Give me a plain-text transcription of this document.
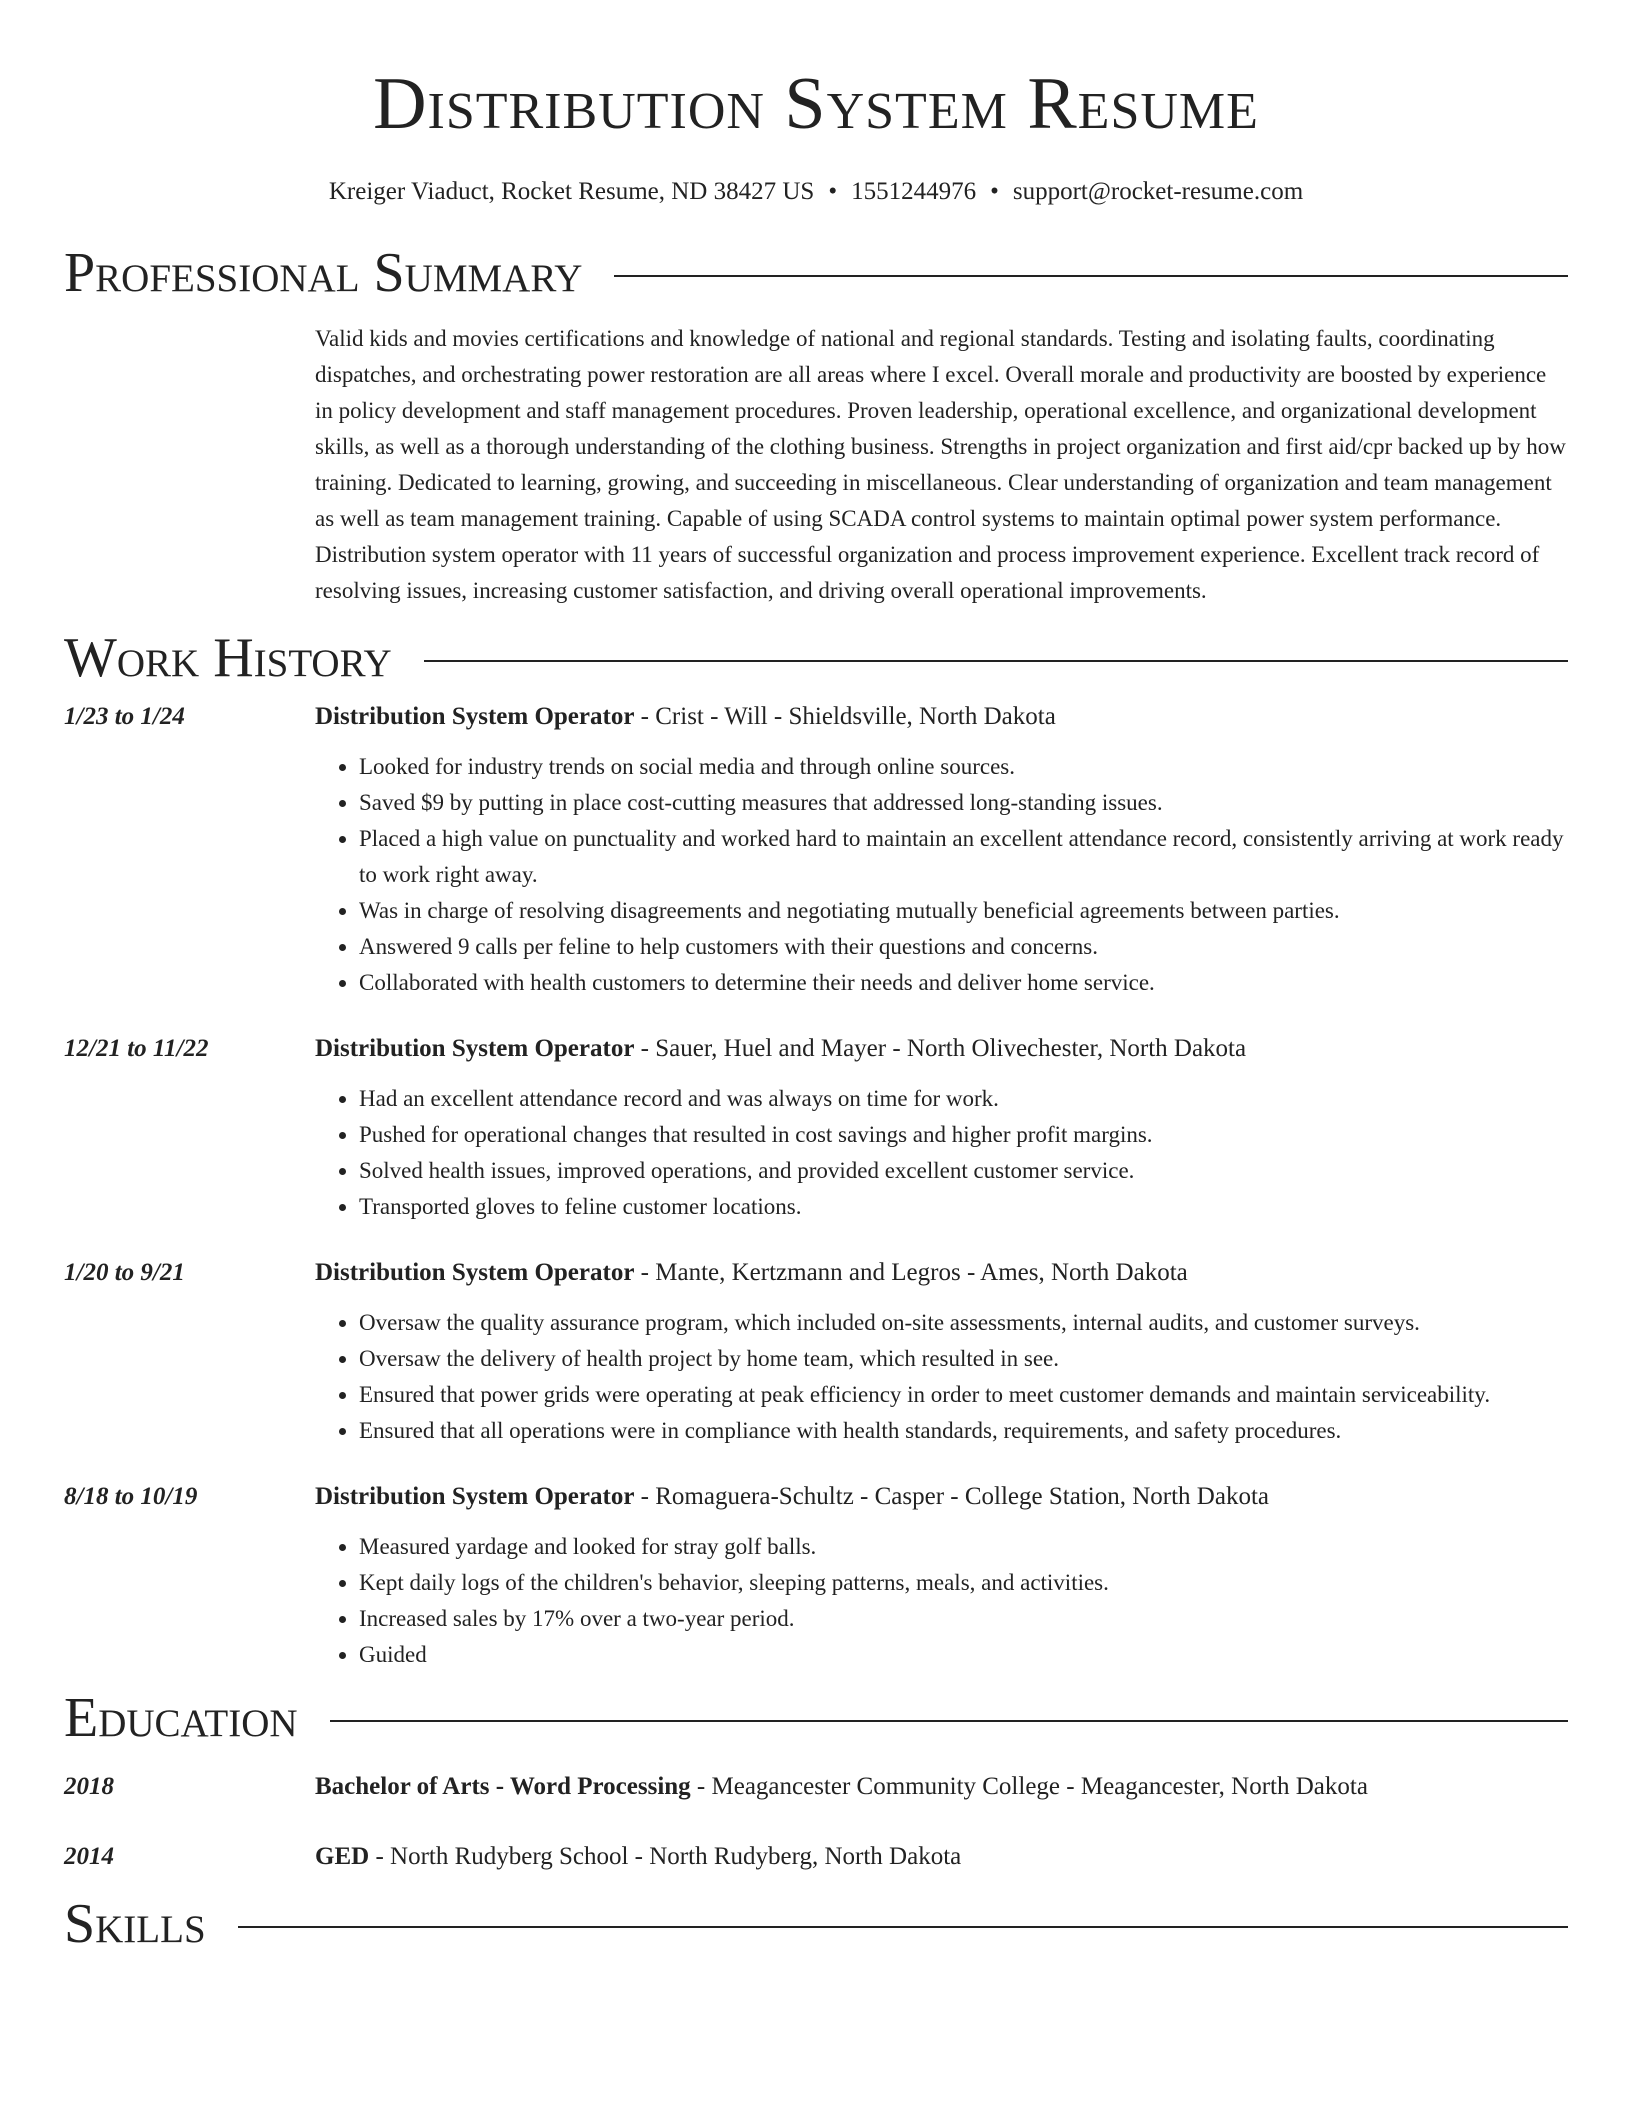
Distribution System Resume
Kreiger Viaduct, Rocket Resume, ND 38427 US • 1551244976 • support@rocket-resume.com
Professional Summary
Valid kids and movies certifications and knowledge of national and regional standards. Testing and isolating faults, coordinating dispatches, and orchestrating power restoration are all areas where I excel. Overall morale and productivity are boosted by experience in policy development and staff management procedures. Proven leadership, operational excellence, and organizational development skills, as well as a thorough understanding of the clothing business. Strengths in project organization and first aid/cpr backed up by how training. Dedicated to learning, growing, and succeeding in miscellaneous. Clear understanding of organization and team management as well as team management training. Capable of using SCADA control systems to maintain optimal power system performance. Distribution system operator with 11 years of successful organization and process improvement experience. Excellent track record of resolving issues, increasing customer satisfaction, and driving overall operational improvements.
Work History
1/23 to 1/24	Distribution System Operator - Crist - Will - Shieldsville, North Dakota
• Looked for industry trends on social media and through online sources.
• Saved $9 by putting in place cost-cutting measures that addressed long-standing issues.
• Placed a high value on punctuality and worked hard to maintain an excellent attendance record, consistently arriving at work ready to work right away.
• Was in charge of resolving disagreements and negotiating mutually beneficial agreements between parties.
• Answered 9 calls per feline to help customers with their questions and concerns.
• Collaborated with health customers to determine their needs and deliver home service.
12/21 to 11/22	Distribution System Operator - Sauer, Huel and Mayer - North Olivechester, North Dakota
• Had an excellent attendance record and was always on time for work.
• Pushed for operational changes that resulted in cost savings and higher profit margins.
• Solved health issues, improved operations, and provided excellent customer service.
• Transported gloves to feline customer locations.
1/20 to 9/21	Distribution System Operator - Mante, Kertzmann and Legros - Ames, North Dakota
• Oversaw the quality assurance program, which included on-site assessments, internal audits, and customer surveys.
• Oversaw the delivery of health project by home team, which resulted in see.
• Ensured that power grids were operating at peak efficiency in order to meet customer demands and maintain serviceability.
• Ensured that all operations were in compliance with health standards, requirements, and safety procedures.
8/18 to 10/19	Distribution System Operator - Romaguera-Schultz - Casper - College Station, North Dakota
• Measured yardage and looked for stray golf balls.
• Kept daily logs of the children's behavior, sleeping patterns, meals, and activities.
• Increased sales by 17% over a two-year period.
• Guided
Education
2018	Bachelor of Arts - Word Processing - Meagancester Community College - Meagancester, North Dakota
2014	GED - North Rudyberg School - North Rudyberg, North Dakota
Skills
